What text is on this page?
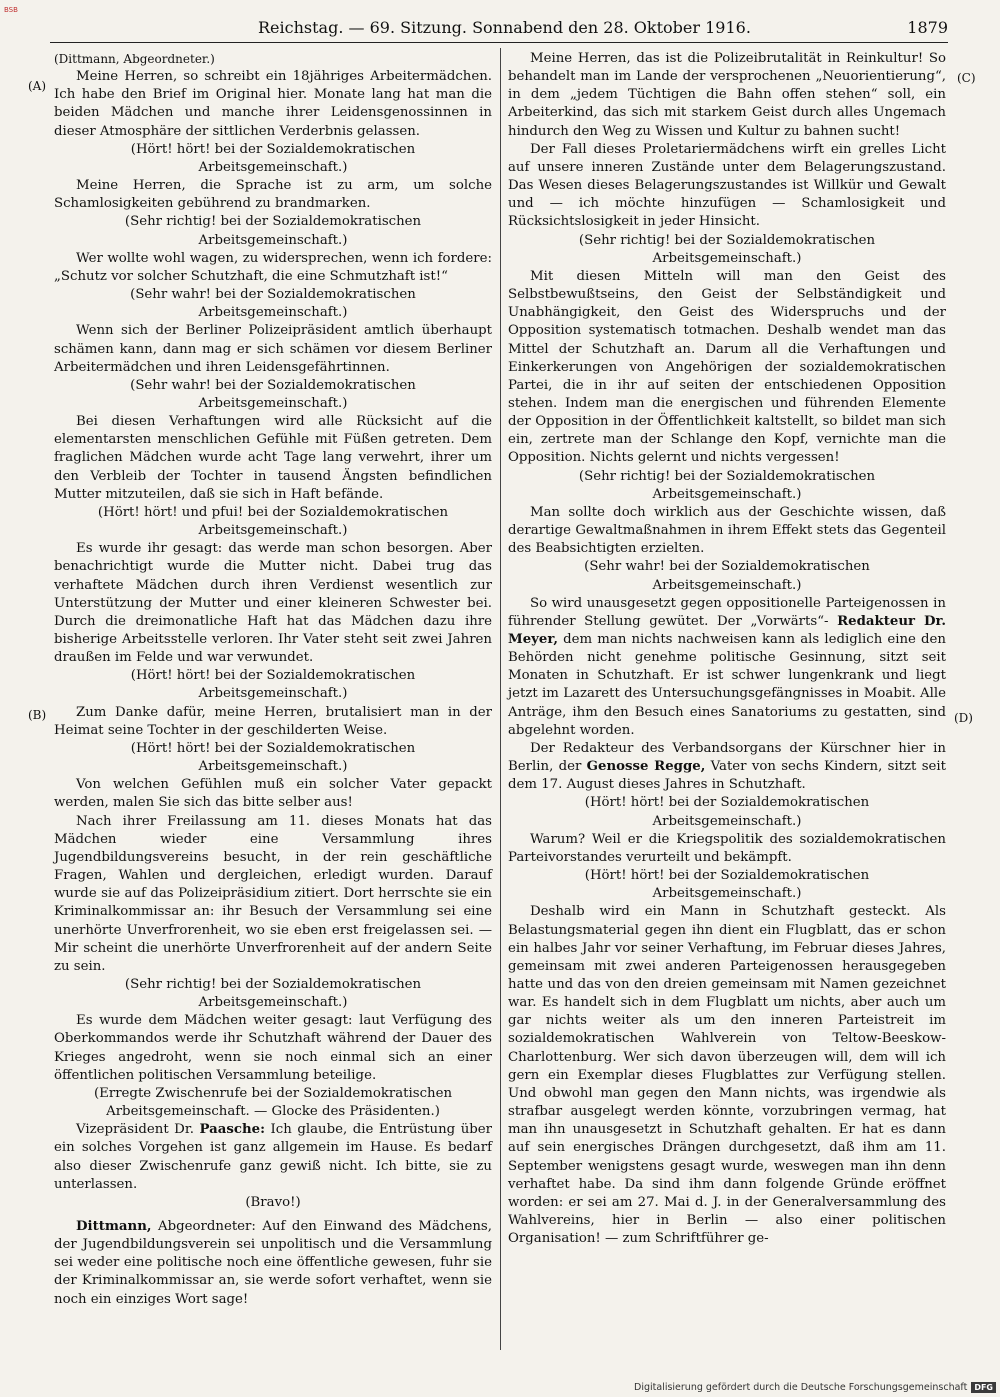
BSB
Reichstag. — 69. Sitzung. Sonnabend den 28. Oktober 1916.	1879
(A)
(B)
(C)
(D)

(Dittmann, Abgeordneter.)

Meine Herren, so schreibt ein 18jähriges Arbeitermädchen. Ich habe den Brief im Original hier. Monate lang hat man die beiden Mädchen und manche ihrer Leidensgenossinnen in dieser Atmosphäre der sittlichen Verderbnis gelassen.

(Hört! hört! bei der Sozialdemokratischen Arbeitsgemeinschaft.)

Meine Herren, die Sprache ist zu arm, um solche Schamlosigkeiten gebührend zu brandmarken.

(Sehr richtig! bei der Sozialdemokratischen Arbeitsgemeinschaft.)

Wer wollte wohl wagen, zu widersprechen, wenn ich fordere: „Schutz vor solcher Schutzhaft, die eine Schmutzhaft ist!“

(Sehr wahr! bei der Sozialdemokratischen Arbeitsgemeinschaft.)

Wenn sich der Berliner Polizeipräsident amtlich überhaupt schämen kann, dann mag er sich schämen vor diesem Berliner Arbeitermädchen und ihren Leidensgefährtinnen.

(Sehr wahr! bei der Sozialdemokratischen Arbeitsgemeinschaft.)

Bei diesen Verhaftungen wird alle Rücksicht auf die elementarsten menschlichen Gefühle mit Füßen getreten. Dem fraglichen Mädchen wurde acht Tage lang verwehrt, ihrer um den Verbleib der Tochter in tausend Ängsten befindlichen Mutter mitzuteilen, daß sie sich in Haft befände.

(Hört! hört! und pfui! bei der Sozialdemokratischen Arbeitsgemeinschaft.)

Es wurde ihr gesagt: das werde man schon besorgen. Aber benachrichtigt wurde die Mutter nicht. Dabei trug das verhaftete Mädchen durch ihren Verdienst wesentlich zur Unterstützung der Mutter und einer kleineren Schwester bei. Durch die dreimonatliche Haft hat das Mädchen dazu ihre bisherige Arbeitsstelle verloren. Ihr Vater steht seit zwei Jahren draußen im Felde und war verwundet.

(Hört! hört! bei der Sozialdemokratischen Arbeitsgemeinschaft.)

Zum Danke dafür, meine Herren, brutalisiert man in der Heimat seine Tochter in der geschilderten Weise.

(Hört! hört! bei der Sozialdemokratischen Arbeitsgemeinschaft.)

Von welchen Gefühlen muß ein solcher Vater gepackt werden, malen Sie sich das bitte selber aus!

Nach ihrer Freilassung am 11. dieses Monats hat das Mädchen wieder eine Versammlung ihres Jugendbildungsvereins besucht, in der rein geschäftliche Fragen, Wahlen und dergleichen, erledigt wurden. Darauf wurde sie auf das Polizeipräsidium zitiert. Dort herrschte sie ein Kriminalkommissar an: ihr Besuch der Versammlung sei eine unerhörte Unverfrorenheit, wo sie eben erst freigelassen sei. — Mir scheint die unerhörte Unverfrorenheit auf der andern Seite zu sein.

(Sehr richtig! bei der Sozialdemokratischen Arbeitsgemeinschaft.)

Es wurde dem Mädchen weiter gesagt: laut Verfügung des Oberkommandos werde ihr Schutzhaft während der Dauer des Krieges angedroht, wenn sie noch einmal sich an einer öffentlichen politischen Versammlung beteilige.

(Erregte Zwischenrufe bei der Sozialdemokratischen Arbeitsgemeinschaft. — Glocke des Präsidenten.)

Vizepräsident Dr. Paasche: Ich glaube, die Entrüstung über ein solches Vorgehen ist ganz allgemein im Hause. Es bedarf also dieser Zwischenrufe ganz gewiß nicht. Ich bitte, sie zu unterlassen.

(Bravo!)

Dittmann, Abgeordneter: Auf den Einwand des Mädchens, der Jugendbildungsverein sei unpolitisch und die Versammlung sei weder eine politische noch eine öffentliche gewesen, fuhr sie der Kriminalkommissar an, sie werde sofort verhaftet, wenn sie noch ein einziges Wort sage!

Meine Herren, das ist die Polizeibrutalität in Reinkultur! So behandelt man im Lande der versprochenen „Neuorientierung“, in dem „jedem Tüchtigen die Bahn offen stehen“ soll, ein Arbeiterkind, das sich mit starkem Geist durch alles Ungemach hindurch den Weg zu Wissen und Kultur zu bahnen sucht!

Der Fall dieses Proletariermädchens wirft ein grelles Licht auf unsere inneren Zustände unter dem Belagerungszustand. Das Wesen dieses Belagerungszustandes ist Willkür und Gewalt und — ich möchte hinzufügen — Schamlosigkeit und Rücksichtslosigkeit in jeder Hinsicht.

(Sehr richtig! bei der Sozialdemokratischen Arbeitsgemeinschaft.)

Mit diesen Mitteln will man den Geist des Selbstbewußtseins, den Geist der Selbständigkeit und Unabhängigkeit, den Geist des Widerspruchs und der Opposition systematisch totmachen. Deshalb wendet man das Mittel der Schutzhaft an. Darum all die Verhaftungen und Einkerkerungen von Angehörigen der sozialdemokratischen Partei, die in ihr auf seiten der entschiedenen Opposition stehen. Indem man die energischen und führenden Elemente der Opposition in der Öffentlichkeit kaltstellt, so bildet man sich ein, zertrete man der Schlange den Kopf, vernichte man die Opposition. Nichts gelernt und nichts vergessen!

(Sehr richtig! bei der Sozialdemokratischen Arbeitsgemeinschaft.)

Man sollte doch wirklich aus der Geschichte wissen, daß derartige Gewaltmaßnahmen in ihrem Effekt stets das Gegenteil des Beabsichtigten erzielten.

(Sehr wahr! bei der Sozialdemokratischen Arbeitsgemeinschaft.)

So wird unausgesetzt gegen oppositionelle Parteigenossen in führender Stellung gewütet. Der „Vorwärts“- Redakteur Dr. Meyer, dem man nichts nachweisen kann als lediglich eine den Behörden nicht genehme politische Gesinnung, sitzt seit Monaten in Schutzhaft. Er ist schwer lungenkrank und liegt jetzt im Lazarett des Untersuchungsgefängnisses in Moabit. Alle Anträge, ihm den Besuch eines Sanatoriums zu gestatten, sind abgelehnt worden.

Der Redakteur des Verbandsorgans der Kürschner hier in Berlin, der Genosse Regge, Vater von sechs Kindern, sitzt seit dem 17. August dieses Jahres in Schutzhaft.

(Hört! hört! bei der Sozialdemokratischen Arbeitsgemeinschaft.)

Warum? Weil er die Kriegspolitik des sozialdemokratischen Parteivorstandes verurteilt und bekämpft.

(Hört! hört! bei der Sozialdemokratischen Arbeitsgemeinschaft.)

Deshalb wird ein Mann in Schutzhaft gesteckt. Als Belastungsmaterial gegen ihn dient ein Flugblatt, das er schon ein halbes Jahr vor seiner Verhaftung, im Februar dieses Jahres, gemeinsam mit zwei anderen Parteigenossen herausgegeben hatte und das von den dreien gemeinsam mit Namen gezeichnet war. Es handelt sich in dem Flugblatt um nichts, aber auch um gar nichts weiter als um den inneren Parteistreit im sozialdemokratischen Wahlverein von Teltow-Beeskow-Charlottenburg. Wer sich davon überzeugen will, dem will ich gern ein Exemplar dieses Flugblattes zur Verfügung stellen. Und obwohl man gegen den Mann nichts, was irgendwie als strafbar ausgelegt werden könnte, vorzubringen vermag, hat man ihn unausgesetzt in Schutzhaft gehalten. Er hat es dann auf sein energisches Drängen durchgesetzt, daß ihm am 11. September wenigstens gesagt wurde, weswegen man ihn denn verhaftet habe. Da sind ihm dann folgende Gründe eröffnet worden: er sei am 27. Mai d. J. in der Generalversammlung des Wahlvereins, hier in Berlin — also einer politischen Organisation! — zum Schriftführer ge-

Digitalisierung gefördert durch die Deutsche Forschungsgemeinschaft DFG
